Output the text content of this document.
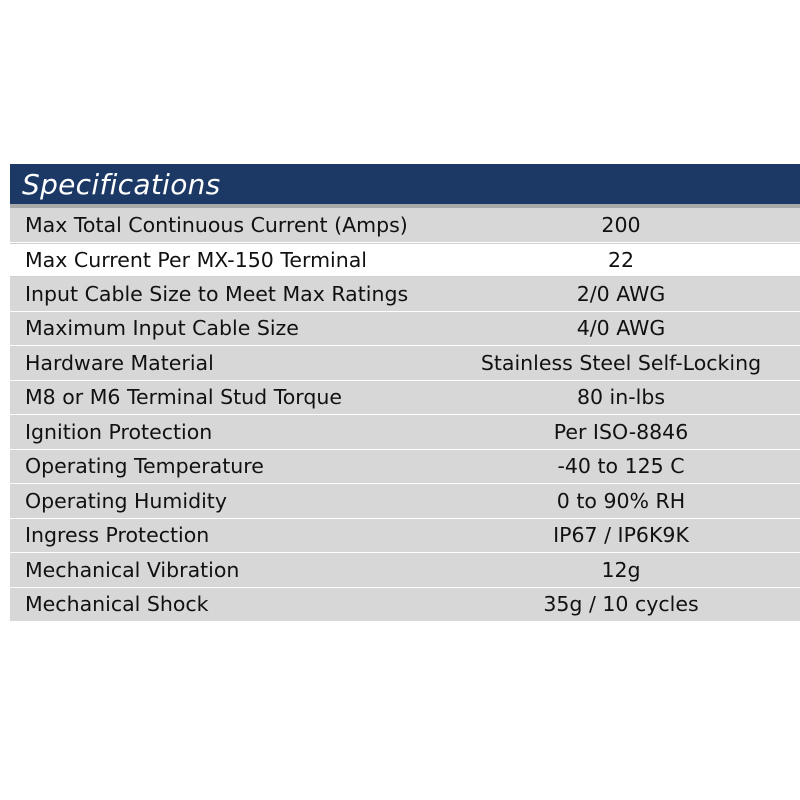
Specifications
Max Total Continuous Current (Amps)	200
Max Current Per MX-150 Terminal	22
Input Cable Size to Meet Max Ratings	2/0 AWG
Maximum Input Cable Size	4/0 AWG
Hardware Material	Stainless Steel Self-Locking
M8 or M6 Terminal Stud Torque	80 in-lbs
Ignition Protection	Per ISO-8846
Operating Temperature	-40 to 125 C
Operating Humidity	0 to 90% RH
Ingress Protection	IP67 / IP6K9K
Mechanical Vibration	12g
Mechanical Shock	35g / 10 cycles
